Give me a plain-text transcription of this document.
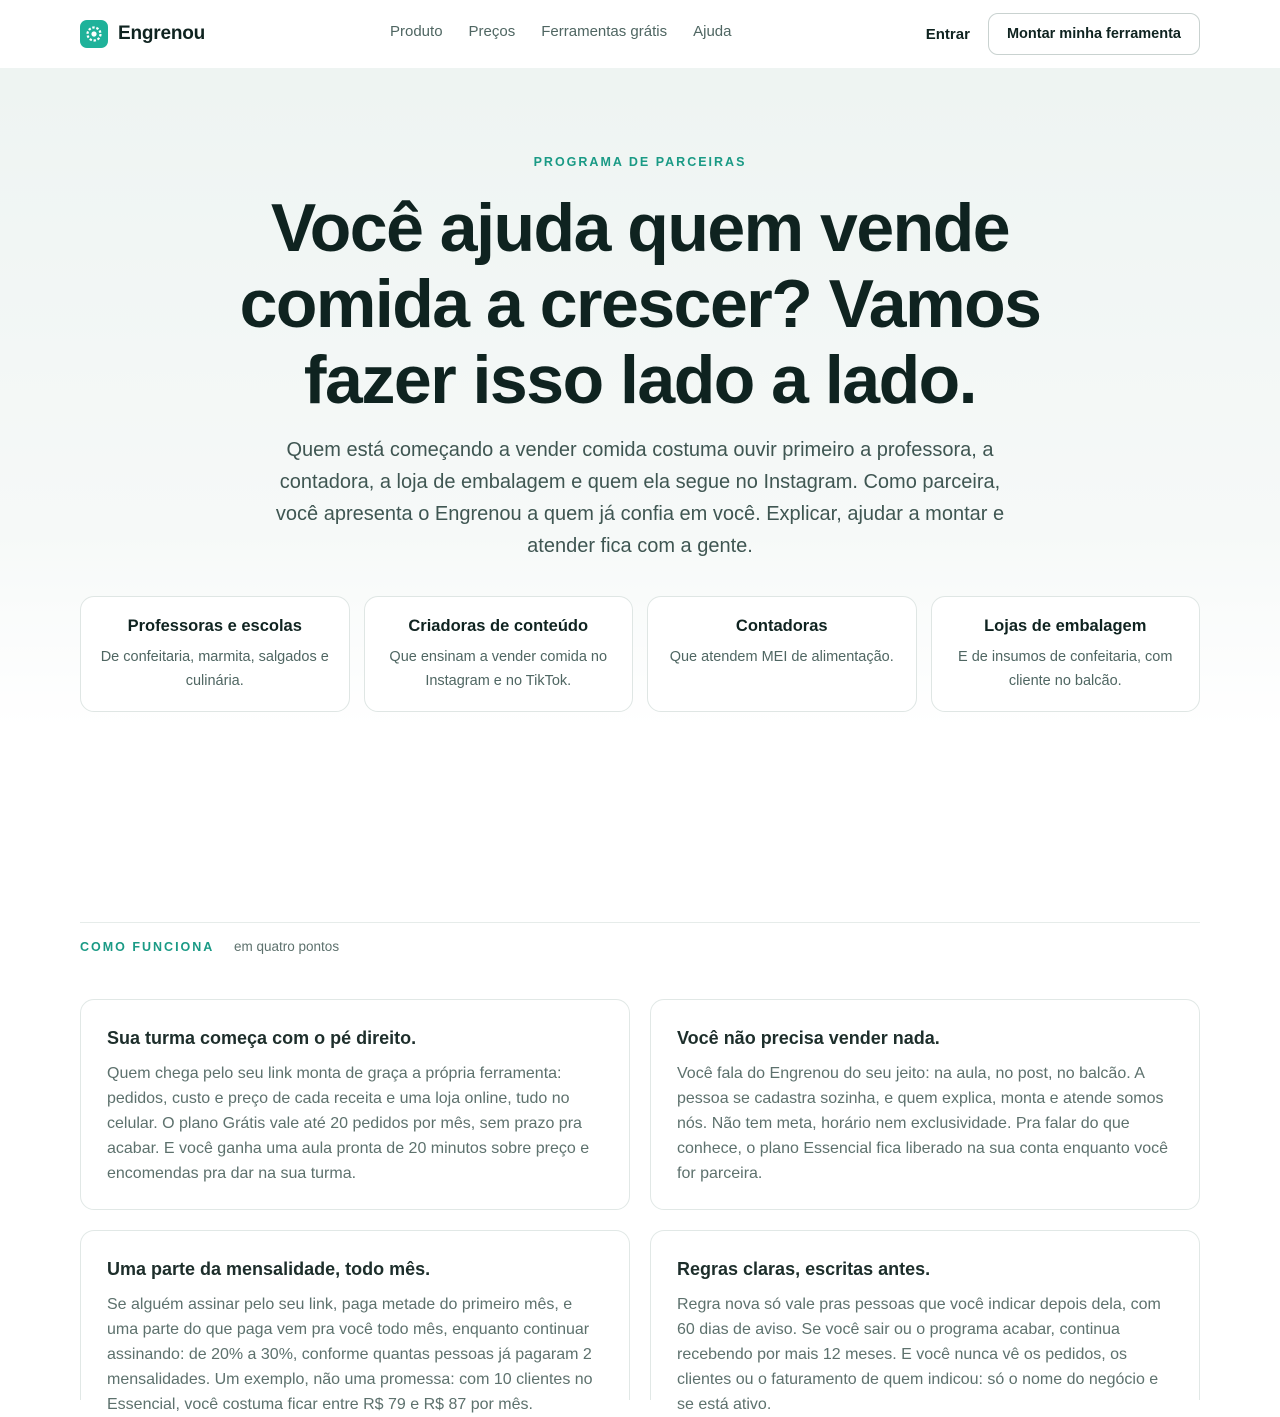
Engrenou	Produto Preços Ferramentas grátis Ajuda	Entrar	Montar minha ferramenta
PROGRAMA DE PARCEIRAS
Você ajuda quem vende comida a crescer? Vamos fazer isso lado a lado.

Quem está começando a vender comida costuma ouvir primeiro a professora, a contadora, a loja de embalagem e quem ela segue no Instagram. Como parceira, você apresenta o Engrenou a quem já confia em você. Explicar, ajudar a montar e atender fica com a gente.

Professoras e escolas
De confeitaria, marmita, salgados e culinária.
Criadoras de conteúdo
Que ensinam a vender comida no Instagram e no TikTok.
Contadoras
Que atendem MEI de alimentação.
Lojas de embalagem
E de insumos de confeitaria, com cliente no balcão.
COMO FUNCIONA em quatro pontos
Sua turma começa com o pé direito.
Quem chega pelo seu link monta de graça a própria ferramenta: pedidos, custo e preço de cada receita e uma loja online, tudo no celular. O plano Grátis vale até 20 pedidos por mês, sem prazo pra acabar. E você ganha uma aula pronta de 20 minutos sobre preço e encomendas pra dar na sua turma.
Você não precisa vender nada.
Você fala do Engrenou do seu jeito: na aula, no post, no balcão. A pessoa se cadastra sozinha, e quem explica, monta e atende somos nós. Não tem meta, horário nem exclusividade. Pra falar do que conhece, o plano Essencial fica liberado na sua conta enquanto você for parceira.
Uma parte da mensalidade, todo mês.
Se alguém assinar pelo seu link, paga metade do primeiro mês, e uma parte do que paga vem pra você todo mês, enquanto continuar assinando: de 20% a 30%, conforme quantas pessoas já pagaram 2 mensalidades. Um exemplo, não uma promessa: com 10 clientes no Essencial, você costuma ficar entre R$ 79 e R$ 87 por mês.
Regras claras, escritas antes.
Regra nova só vale pras pessoas que você indicar depois dela, com 60 dias de aviso. Se você sair ou o programa acabar, continua recebendo por mais 12 meses. E você nunca vê os pedidos, os clientes ou o faturamento de quem indicou: só o nome do negócio e se está ativo.
